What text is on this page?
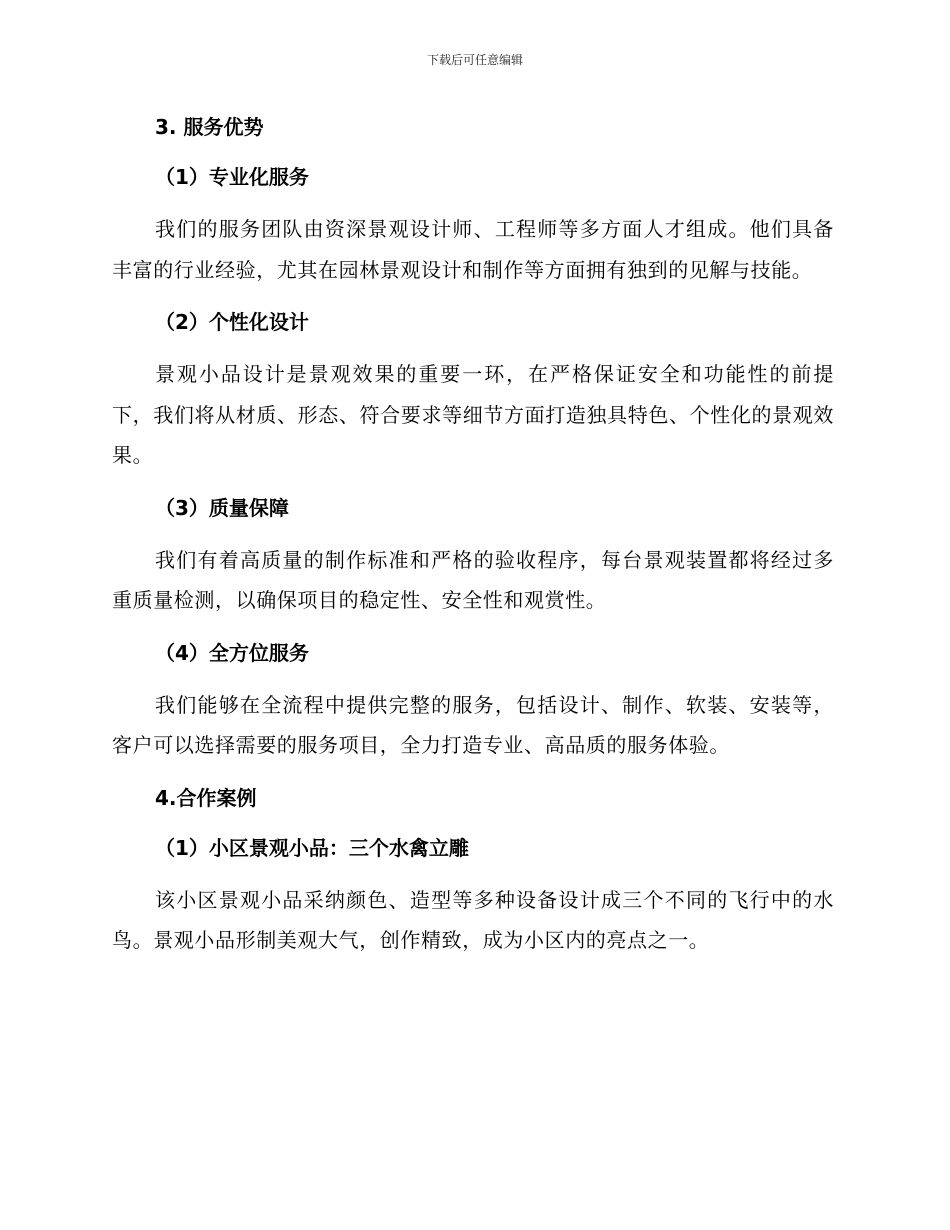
下载后可任意编辑
3. 服务优势
（1）专业化服务

我们的服务团队由资深景观设计师、工程师等多方面人才组成。他们具备丰富的行业经验，尤其在园林景观设计和制作等方面拥有独到的见解与技能。

（2）个性化设计

景观小品设计是景观效果的重要一环，在严格保证安全和功能性的前提下，我们将从材质、形态、符合要求等细节方面打造独具特色、个性化的景观效果。

（3）质量保障

我们有着高质量的制作标准和严格的验收程序，每台景观装置都将经过多重质量检测，以确保项目的稳定性、安全性和观赏性。

（4）全方位服务

我们能够在全流程中提供完整的服务，包括设计、制作、软装、安装等，客户可以选择需要的服务项目，全力打造专业、高品质的服务体验。

4.合作案例
（1）小区景观小品：三个水禽立雕

该小区景观小品采纳颜色、造型等多种设备设计成三个不同的飞行中的水鸟。景观小品形制美观大气，创作精致，成为小区内的亮点之一。
